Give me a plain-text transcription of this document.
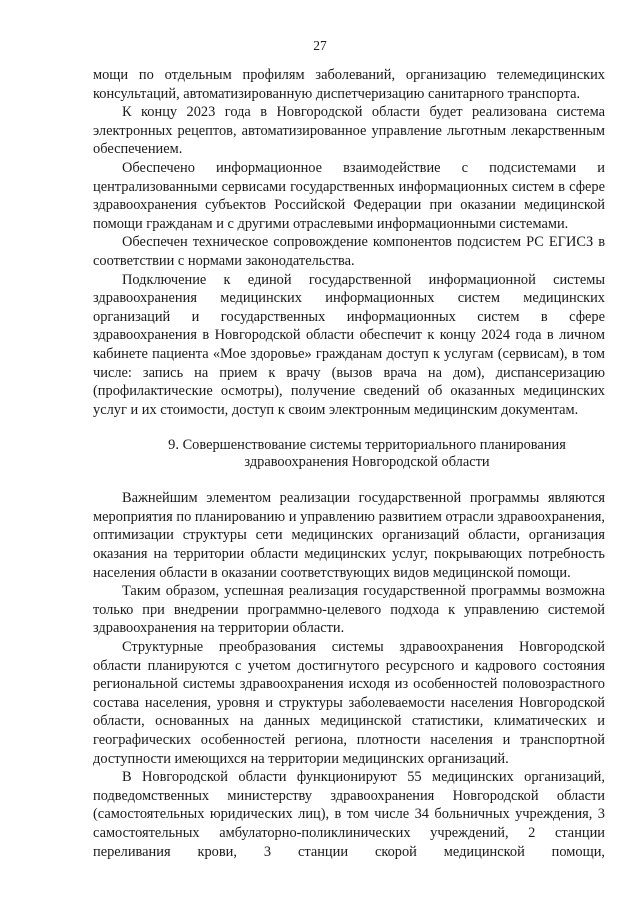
27

мощи по отдельным профилям заболеваний, организацию телемедицинских консультаций, автоматизированную диспетчеризацию санитарного транспорта.

К концу 2023 года в Новгородской области будет реализована система электронных рецептов, автоматизированное управление льготным лекарственным обеспечением.

Обеспечено информационное взаимодействие с подсистемами и централизованными сервисами государственных информационных систем в сфере здравоохранения субъектов Российской Федерации при оказании медицинской помощи гражданам и с другими отраслевыми информационными системами.

Обеспечен техническое сопровождение компонентов подсистем РС ЕГИСЗ в соответствии с нормами законодательства.

Подключение к единой государственной информационной системы здравоохранения медицинских информационных систем медицинских организаций и государственных информационных систем в сфере здравоохранения в Новгородской области обеспечит к концу 2024 года в личном кабинете пациента «Мое здоровье» гражданам доступ к услугам (сервисам), в том числе: запись на прием к врачу (вызов врача на дом), диспансеризацию (профилактические осмотры), получение сведений об оказанных медицинских услуг и их стоимости, доступ к своим электронным медицинским документам.

9. Совершенствование системы территориального планирования
здравоохранения Новгородской области

Важнейшим элементом реализации государственной программы являются мероприятия по планированию и управлению развитием отрасли здравоохранения, оптимизации структуры сети медицинских организаций области, организация оказания на территории области медицинских услуг, покрывающих потребность населения области в оказании соответствующих видов медицинской помощи.

Таким образом, успешная реализация государственной программы возможна только при внедрении программно-целевого подхода к управлению системой здравоохранения на территории области.

Структурные преобразования системы здравоохранения Новгородской области планируются с учетом достигнутого ресурсного и кадрового состояния региональной системы здравоохранения исходя из особенностей половозрастного состава населения, уровня и структуры заболеваемости населения Новгородской области, основанных на данных медицинской статистики, климатических и географических особенностей региона, плотности населения и транспортной доступности имеющихся на территории медицинских организаций.

В Новгородской области функционируют 55 медицинских организаций, подведомственных министерству здравоохранения Новгородской области (самостоятельных юридических лиц), в том числе 34 больничных учреждения, 3 самостоятельных амбулаторно-поликлинических учреждений, 2 станции переливания крови, 3 станции скорой медицинской помощи,
